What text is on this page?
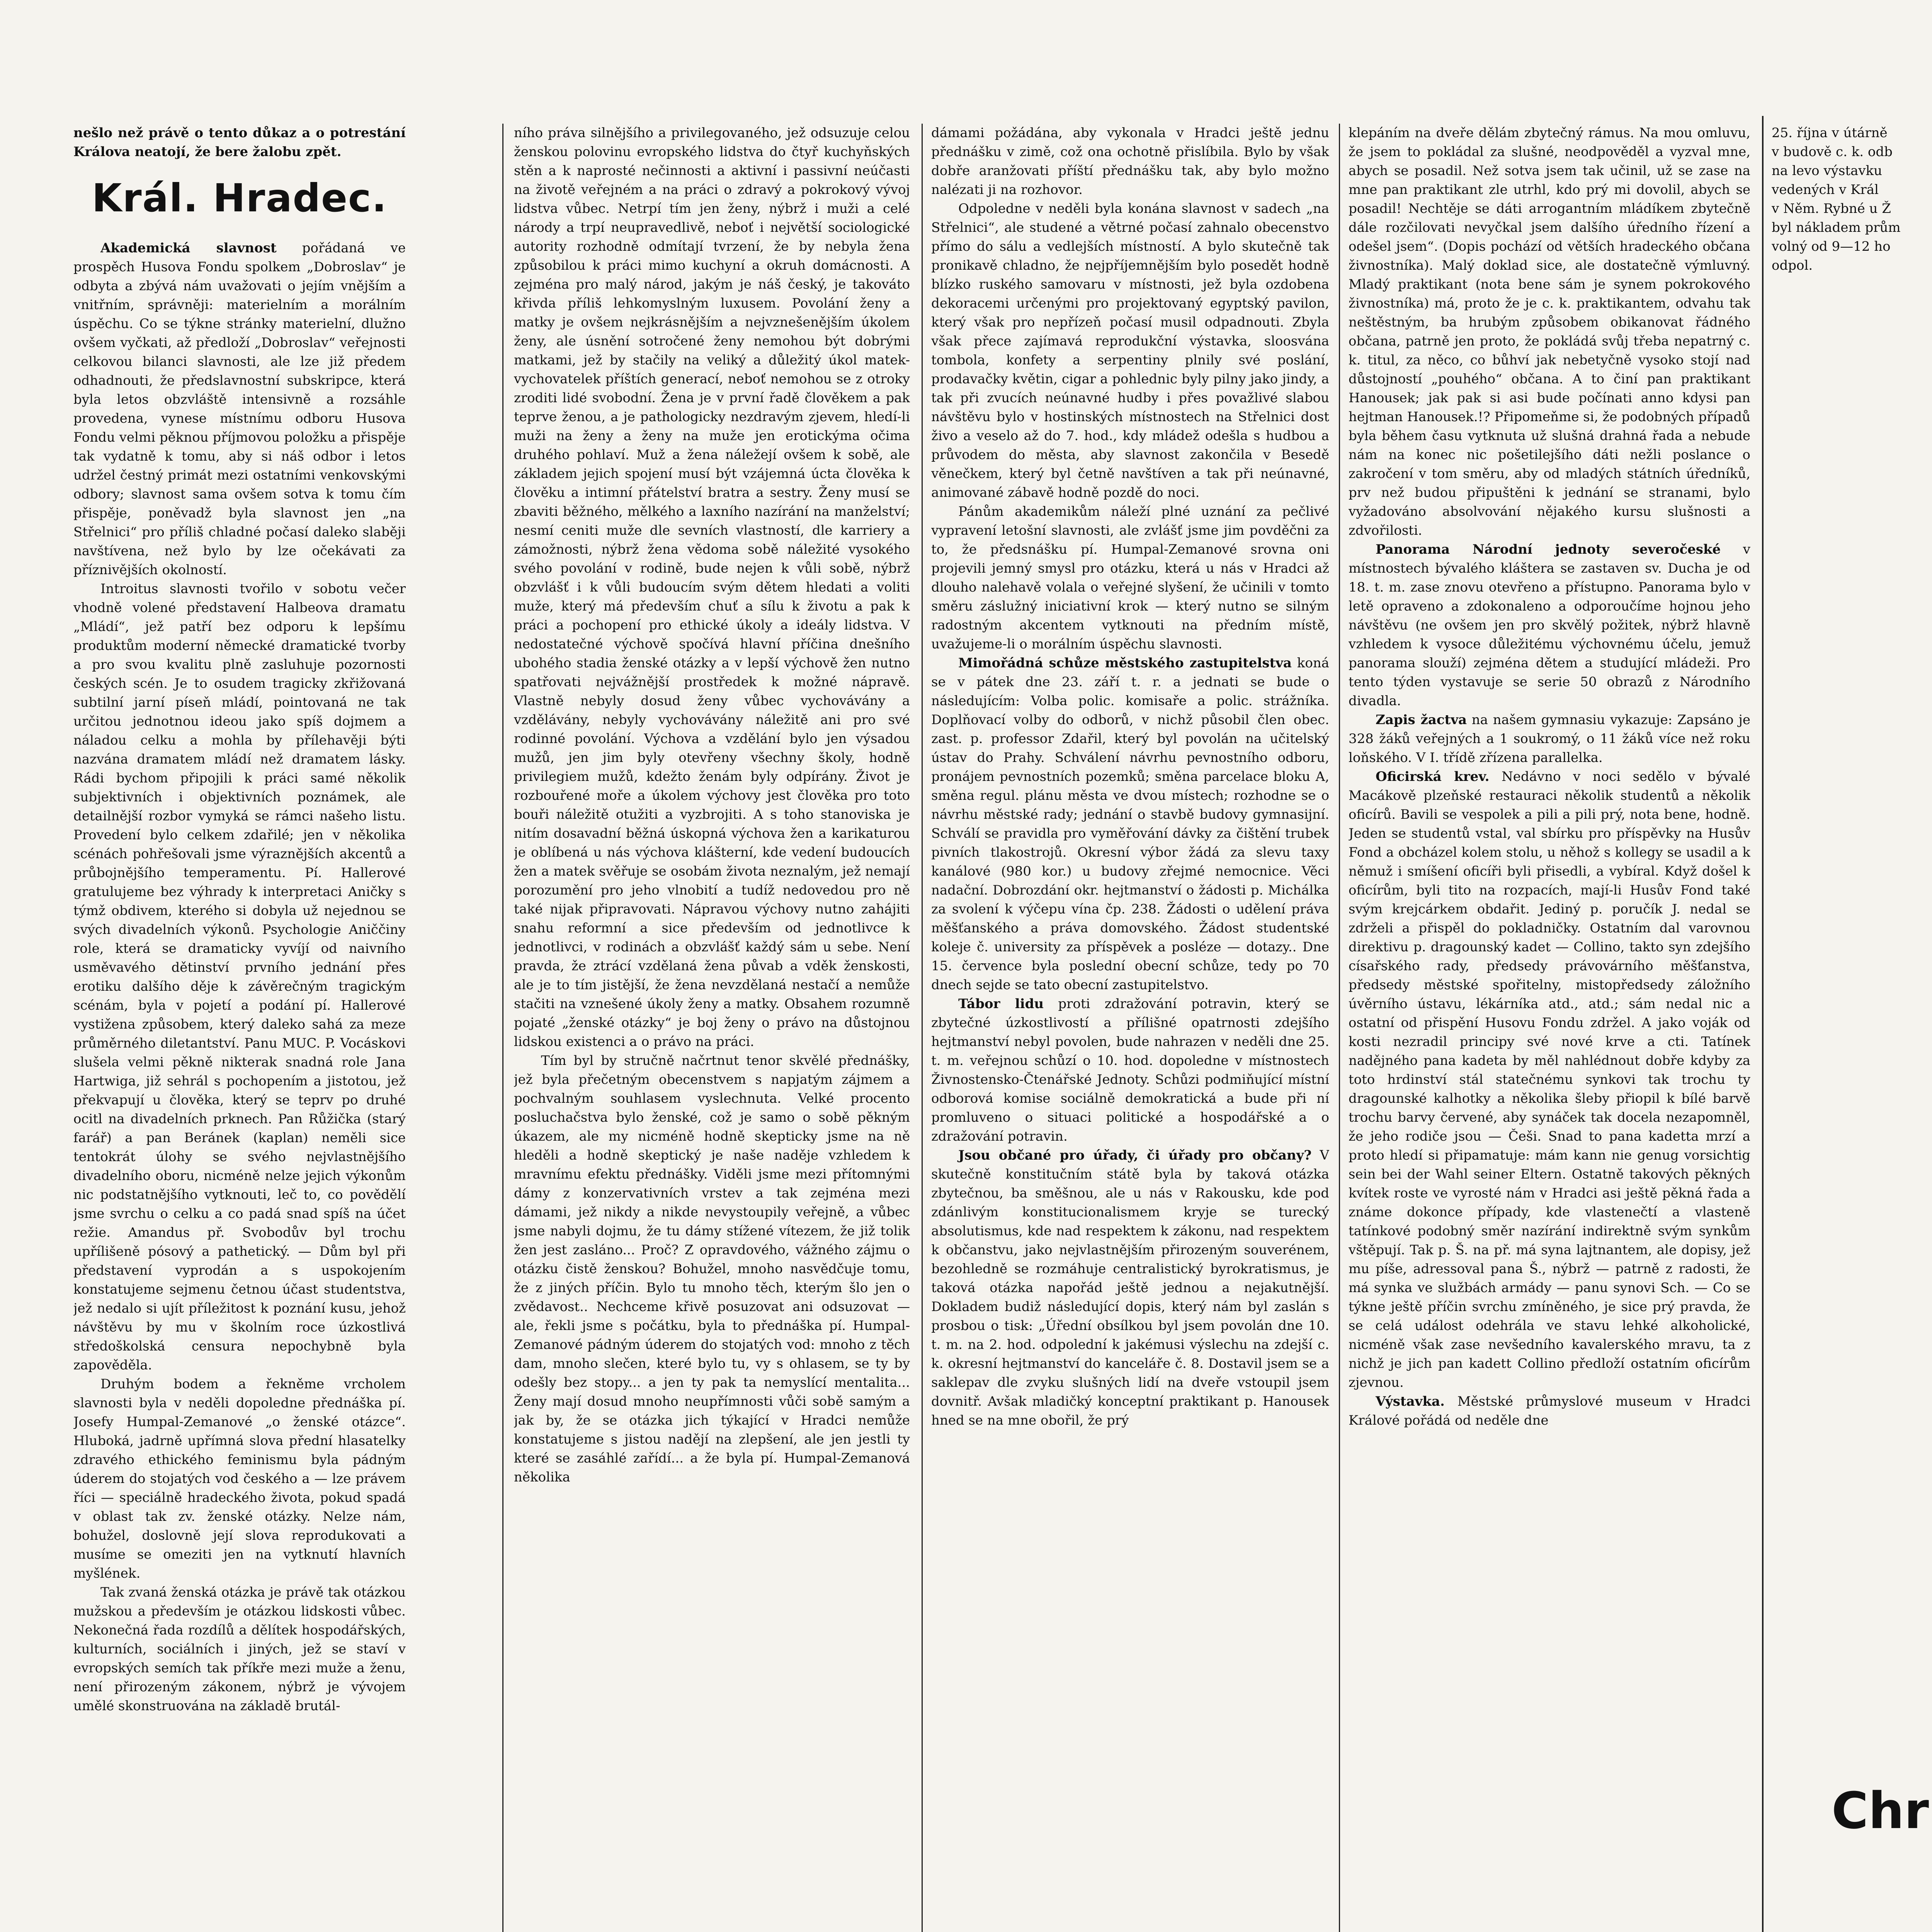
nešlo než právě o tento důkaz a o potrestání Králova neatojí, že bere žalobu zpět.

Král. Hradec.

Akademická slavnost pořádaná ve prospěch Husova Fondu spolkem „Dobroslav“ je odbyta a zbývá nám uvažovati o jejím vnějším a vnitřním, správněji: materielním a morálním úspěchu. Co se týkne stránky materielní, dlužno ovšem vyčkati, až předloží „Dobroslav“ veřejnosti celkovou bilanci slavnosti, ale lze již předem odhadnouti, že předslavnostní subskripce, která byla letos obzvláště intensivně a rozsáhle provedena, vynese místnímu odboru Husova Fondu velmi pěknou příjmovou položku a přispěje tak vydatně k tomu, aby si náš odbor i letos udržel čestný primát mezi ostatními venkovskými odbory; slavnost sama ovšem sotva k tomu čím přispěje, poněvadž byla slavnost jen „na Střelnici“ pro příliš chladné počasí daleko slaběji navštívena, než bylo by lze očekávati za příznivějších okolností.

Introitus slavnosti tvořilo v sobotu večer vhodně volené představení Halbeova dramatu „Mládí“, jež patří bez odporu k lepšímu produktům moderní německé dramatické tvorby a pro svou kvalitu plně zasluhuje pozornosti českých scén. Je to osudem tragicky zkřižovaná subtilní jarní píseň mládí, pointovaná ne tak určitou jednotnou ideou jako spíš dojmem a náladou celku a mohla by přílehavěji býti nazvána dramatem mládí než dramatem lásky. Rádi bychom připojili k práci samé několik subjektivních i objektivních poznámek, ale detailnější rozbor vymyká se rámci našeho listu. Provedení bylo celkem zdařilé; jen v několika scénách pohřešovali jsme výraznějších akcentů a průbojnějšího temperamentu. Pí. Hallerové gratulujeme bez výhrady k interpretaci Aničky s týmž obdivem, kterého si dobyla už nejednou se svých divadelních výkonů. Psychologie Aniččiny role, která se dramaticky vyvíjí od naivního usměvavého dětinství prvního jednání přes erotiku dalšího děje k závěrečným tragickým scénám, byla v pojetí a podání pí. Hallerové vystižena způsobem, který daleko sahá za meze průměrného diletantství. Panu MUC. P. Vocáskovi slušela velmi pěkně nikterak snadná role Jana Hartwiga, již sehrál s pochopením a jistotou, jež překvapují u člověka, který se teprv po druhé ocitl na divadelních prknech. Pan Růžička (starý farář) a pan Beránek (kaplan) neměli sice tentokrát úlohy se svého nejvlastnějšího divadelního oboru, nicméně nelze jejich výkonům nic podstatnějšího vytknouti, leč to, co povědělí jsme svrchu o celku a co padá snad spíš na účet režie. Amandus př. Svobodův byl trochu upřílišeně pósový a pathetický. — Dům byl při představení vyprodán a s uspokojením konstatujeme sejmenu četnou účast studentstva, jež nedalo si ujít příležitost k poznání kusu, jehož návštěvu by mu v školním roce úzkostlivá středoškolská censura nepochybně byla zapověděla.

Druhým bodem a řekněme vrcholem slavnosti byla v neděli dopoledne přednáška pí. Josefy Humpal-Zemanové „o ženské otázce“. Hluboká, jadrně upřímná slova přední hlasatelky zdravého ethického feminismu byla pádným úderem do stojatých vod českého a — lze právem říci — speciálně hradeckého života, pokud spadá v oblast tak zv. ženské otázky. Nelze nám, bohužel, doslovně její slova reprodukovati a musíme se omeziti jen na vytknutí hlavních myšlének.

Tak zvaná ženská otázka je právě tak otázkou mužskou a především je otázkou lidskosti vůbec. Nekonečná řada rozdílů a dělítek hospodářských, kulturních, sociálních i jiných, jež se staví v evropských semích tak příkře mezi muže a ženu, není přirozeným zákonem, nýbrž je vývojem umělé skonstruována na základě brutál-

ního práva silnějšího a privilegovaného, jež odsuzuje celou ženskou polovinu evropského lidstva do čtyř kuchyňských stěn a k naprosté nečinnosti a aktivní i passivní neúčasti na životě veřejném a na práci o zdravý a pokrokový vývoj lidstva vůbec. Netrpí tím jen ženy, nýbrž i muži a celé národy a trpí neupravedlivě, neboť i největší sociologické autority rozhodně odmítají tvrzení, že by nebyla žena způsobilou k práci mimo kuchyní a okruh domácnosti. A zejména pro malý národ, jakým je náš český, je takováto křivda příliš lehkomyslným luxusem. Povolání ženy a matky je ovšem nejkrásnějším a nejvznešenějším úkolem ženy, ale úsnění sotročené ženy nemohou být dobrými matkami, jež by stačily na veliký a důležitý úkol matek-vychovatelek příštích generací, neboť nemohou se z otroky zroditi lidé svobodní. Žena je v první řadě člověkem a pak teprve ženou, a je pathologicky nezdravým zjevem, hledí-li muži na ženy a ženy na muže jen erotickýma očima druhého pohlaví. Muž a žena náležejí ovšem k sobě, ale základem jejich spojení musí být vzájemná úcta člověka k člověku a intimní přátelství bratra a sestry. Ženy musí se zbaviti běžného, mělkého a laxního nazírání na manželství; nesmí ceniti muže dle sevních vlastností, dle karriery a zámožnosti, nýbrž žena vědoma sobě náležité vysokého svého povolání v rodině, bude nejen k vůli sobě, nýbrž obzvlášť i k vůli budoucím svým dětem hledati a voliti muže, který má především chuť a sílu k životu a pak k práci a pochopení pro ethické úkoly a ideály lidstva. V nedostatečné výchově spočívá hlavní příčina dnešního ubohého stadia ženské otázky a v lepší výchově žen nutno spatřovati nejvážnější prostředek k možné nápravě. Vlastně nebyly dosud ženy vůbec vychovávány a vzdělávány, nebyly vychovávány náležitě ani pro své rodinné povolání. Výchova a vzdělání bylo jen výsadou mužů, jen jim byly otevřeny všechny školy, hodně privilegiem mužů, kdežto ženám byly odpírány. Život je rozbouřené moře a úkolem výchovy jest člověka pro toto bouři náležitě otužiti a vyzbrojiti. A s toho stanoviska je nitím dosavadní běžná úskopná výchova žen a karikaturou je oblíbená u nás výchova klášterní, kde vedení budoucích žen a matek svěřuje se osobám života neznalým, jež nemají porozumění pro jeho vlnobití a tudíž nedovedou pro ně také nijak připravovati. Nápravou výchovy nutno zahájiti snahu reformní a sice především od jednotlivce k jednotlivci, v rodinách a obzvlášť každý sám u sebe. Není pravda, že ztrácí vzdělaná žena půvab a vděk ženskosti, ale je to tím jistější, že žena nevzdělaná nestačí a nemůže stačiti na vznešené úkoly ženy a matky. Obsahem rozumně pojaté „ženské otázky“ je boj ženy o právo na důstojnou lidskou existenci a o právo na práci.

Tím byl by stručně načrtnut tenor skvělé přednášky, jež byla přečetným obecenstvem s napjatým zájmem a pochvalným souhlasem vyslechnuta. Velké procento posluchačstva bylo ženské, což je samo o sobě pěkným úkazem, ale my nicméně hodně skepticky jsme na ně hleděli a hodně skeptický je naše naděje vzhledem k mravnímu efektu přednášky. Viděli jsme mezi přítomnými dámy z konzervativních vrstev a tak zejména mezi dámami, jež nikdy a nikde nevystoupily veřejně, a vůbec jsme nabyli dojmu, že tu dámy stížené vítezem, že již tolik žen jest zasláno... Proč? Z opravdového, vážného zájmu o otázku čistě ženskou? Bohužel, mnoho nasvědčuje tomu, že z jiných příčin. Bylo tu mnoho těch, kterým šlo jen o zvědavost.. Nechceme křivě posuzovat ani odsuzovat — ale, řekli jsme s počátku, byla to přednáška pí. Humpal-Zemanové pádným úderem do stojatých vod: mnoho z těch dam, mnoho slečen, které bylo tu, vy s ohlasem, se ty by odešly bez stopy... a jen ty pak ta nemyslící mentalita... Ženy mají dosud mnoho neupřímnosti vůči sobě samým a jak by, že se otázka jich týkající v Hradci nemůže konstatujeme s jistou nadějí na zlepšení, ale jen jestli ty které se zasáhlé zařídí... a že byla pí. Humpal-Zemanová několika

dámami požádána, aby vykonala v Hradci ještě jednu přednášku v zimě, což ona ochotně přislíbila. Bylo by však dobře aranžovati příští přednášku tak, aby bylo možno nalézati ji na rozhovor.

Odpoledne v neděli byla konána slavnost v sadech „na Střelnici“, ale studené a větrné počasí zahnalo obecenstvo přímo do sálu a vedlejších místností. A bylo skutečně tak pronikavě chladno, že nejpříjemnějším bylo posedět hodně blízko ruského samovaru v místnosti, jež byla ozdobena dekoracemi určenými pro projektovaný egyptský pavilon, který však pro nepřízeň počasí musil odpadnouti. Zbyla však přece zajímavá reprodukční výstavka, sloosvána tombola, konfety a serpentiny plnily své poslání, prodavačky květin, cigar a pohlednic byly pilny jako jindy, a tak při zvucích neúnavné hudby i přes považlivé slabou návštěvu bylo v hostinských místnostech na Střelnici dost živo a veselo až do 7. hod., kdy mládež odešla s hudbou a průvodem do města, aby slavnost zakončila v Besedě věnečkem, který byl četně navštíven a tak při neúnavné, animované zábavě hodně pozdě do noci.

Pánům akademikům náleží plné uznání za pečlivé vypravení letošní slavnosti, ale zvlášť jsme jim povděčni za to, že předsnášku pí. Humpal-Zemanové srovna oni projevili jemný smysl pro otázku, která u nás v Hradci až dlouho nalehavě volala o veřejné slyšení, že učinili v tomto směru záslužný iniciativní krok — který nutno se silným radostným akcentem vytknouti na předním místě, uvažujeme-li o morálním úspěchu slavnosti.

Mimořádná schůze městského zastupitelstva koná se v pátek dne 23. září t. r. a jednati se bude o následujícím: Volba polic. komisaře a polic. strážníka. Doplňovací volby do odborů, v nichž působil člen obec. zast. p. professor Zdařil, který byl povolán na učitelský ústav do Prahy. Schválení návrhu pevnostního odboru, pronájem pevnostních pozemků; směna parcelace bloku A, směna regul. plánu města ve dvou místech; rozhodne se o návrhu městské rady; jednání o stavbě budovy gymnasijní. Schválí se pravidla pro vyměřování dávky za čištění trubek pivních tlakostrojů. Okresní výbor žádá za slevu taxy kanálové (980 kor.) u budovy zřejmé nemocnice. Věci nadační. Dobrozdání okr. hejtmanství o žádosti p. Michálka za svolení k výčepu vína čp. 238. Žádosti o udělení práva měšťanského a práva domovského. Žádost studentské koleje č. university za příspěvek a posléze — dotazy.. Dne 15. července byla poslední obecní schůze, tedy po 70 dnech sejde se tato obecní zastupitelstvo.

Tábor lidu proti zdražování potravin, který se zbytečné úzkostlivostí a přílišné opatrnosti zdejšího hejtmanství nebyl povolen, bude nahrazen v neděli dne 25. t. m. veřejnou schůzí o 10. hod. dopoledne v místnostech Živnostensko-Čtenářské Jednoty. Schůzi podmiňující místní odborová komise sociálně demokratická a bude při ní promluveno o situaci politické a hospodářské a o zdražování potravin.

Jsou občané pro úřady, či úřady pro občany? V skutečně konstitučním státě byla by taková otázka zbytečnou, ba směšnou, ale u nás v Rakousku, kde pod zdánlivým konstitucionalismem kryje se turecký absolutismus, kde nad respektem k zákonu, nad respektem k občanstvu, jako nejvlastnějším přirozeným souverénem, bezohledně se rozmáhuje centralistický byrokratismus, je taková otázka napořád ještě jednou a nejakutnější. Dokladem budiž následující dopis, který nám byl zaslán s prosbou o tisk: „Úřední obsílkou byl jsem povolán dne 10. t. m. na 2. hod. odpolední k jakémusi výslechu na zdejší c. k. okresní hejtmanství do kanceláře č. 8. Dostavil jsem se a saklepav dle zvyku slušných lidí na dveře vstoupil jsem dovnitř. Avšak mladičký konceptní praktikant p. Hanousek hned se na mne obořil, že prý

klepáním na dveře dělám zbytečný rámus. Na mou omluvu, že jsem to pokládal za slušné, neodpověděl a vyzval mne, abych se posadil. Než sotva jsem tak učinil, už se zase na mne pan praktikant zle utrhl, kdo prý mi dovolil, abych se posadil! Nechtěje se dáti arrogantním mládíkem zbytečně dále rozčilovati nevyčkal jsem dalšího úředního řízení a odešel jsem“. (Dopis pochází od větších hradeckého občana živnostníka). Malý doklad sice, ale dostatečně výmluvný. Mladý praktikant (nota bene sám je synem pokrokového živnostníka) má, proto že je c. k. praktikantem, odvahu tak neštěstným, ba hrubým způsobem obikanovat řádného občana, patrně jen proto, že pokládá svůj třeba nepatrný c. k. titul, za něco, co bůhví jak nebetyčně vysoko stojí nad důstojností „pouhého“ občana. A to činí pan praktikant Hanousek; jak pak si asi bude počínati anno kdysi pan hejtman Hanousek.!? Připomeňme si, že podobných případů byla během času vytknuta už slušná drahná řada a nebude nám na konec nic pošetilejšího dáti nežli poslance o zakročení v tom směru, aby od mladých státních úředníků, prv než budou připuštěni k jednání se stranami, bylo vyžadováno absolvování nějakého kursu slušnosti a zdvořilosti.

Panorama Národní jednoty severočeské v místnostech bývalého kláštera se zastaven sv. Ducha je od 18. t. m. zase znovu otevřeno a přístupno. Panorama bylo v letě opraveno a zdokonaleno a odporoučíme hojnou jeho návštěvu (ne ovšem jen pro skvělý požitek, nýbrž hlavně vzhledem k vysoce důležitému výchovnému účelu, jemuž panorama slouží) zejména dětem a studující mládeži. Pro tento týden vystavuje se serie 50 obrazů z Národního divadla.

Zapis žactva na našem gymnasiu vykazuje: Zapsáno je 328 žáků veřejných a 1 soukromý, o 11 žáků více než roku loňského. V I. třídě zřízena parallelka.

Oficirská krev. Nedávno v noci sedělo v bývalé Macákově plzeňské restauraci několik studentů a několik oficírů. Bavili se vespolek a pili a pili prý, nota bene, hodně. Jeden se studentů vstal, val sbírku pro příspěvky na Husův Fond a obcházel kolem stolu, u něhož s kollegy se usadil a k němuž i smíšení oficíři byli přisedli, a vybíral. Když došel k oficírům, byli tito na rozpacích, mají-li Husův Fond také svým krejcárkem obdařit. Jediný p. poručík J. nedal se zdrželi a přispěl do pokladničky. Ostatním dal varovnou direktivu p. dragounský kadet — Collino, takto syn zdejšího císařského rady, předsedy právovárního měšťanstva, předsedy městské spořitelny, mistopředsedy záložního úvěrního ústavu, lékárníka atd., atd.; sám nedal nic a ostatní od přispění Husovu Fondu zdržel. A jako voják od kosti nezradil principy své nové krve a cti. Tatínek nadějného pana kadeta by měl nahlédnout dobře kdyby za toto hrdinství stál statečnému synkovi tak trochu ty dragounské kalhotky a několika šleby přiopil k bílé barvě trochu barvy červené, aby synáček tak docela nezapomněl, že jeho rodiče jsou — Češi. Snad to pana kadetta mrzí a proto hledí si připamatuje: mám kann nie genug vorsichtig sein bei der Wahl seiner Eltern. Ostatně takových pěkných kvítek roste ve vyrosté nám v Hradci asi ještě pěkná řada a známe dokonce případy, kde vlastenečtí a vlasteně tatínkové podobný směr nazírání indirektně svým synkům vštěpují. Tak p. Š. na př. má syna lajtnantem, ale dopisy, jež mu píše, adressoval pana Š., nýbrž — patrně z radosti, že má synka ve službách armády — panu synovi Sch. — Co se týkne ještě příčin svrchu zmíněného, je sice prý pravda, že se celá událost odehrála ve stavu lehké alkoholické, nicméně však zase nevšedního kavalerského mravu, ta z nichž je jich pan kadett Collino předloží ostatním oficírům zjevnou.

Výstavka. Městské průmyslové museum v Hradci Králové pořádá od neděle dne

25. října v útárně
v budově c. k. odb
na levo výstavku
vedených v Král
v Něm. Rybné u Ž
byl nákladem prům
volný od 9—12 ho
odpol.
Chr
